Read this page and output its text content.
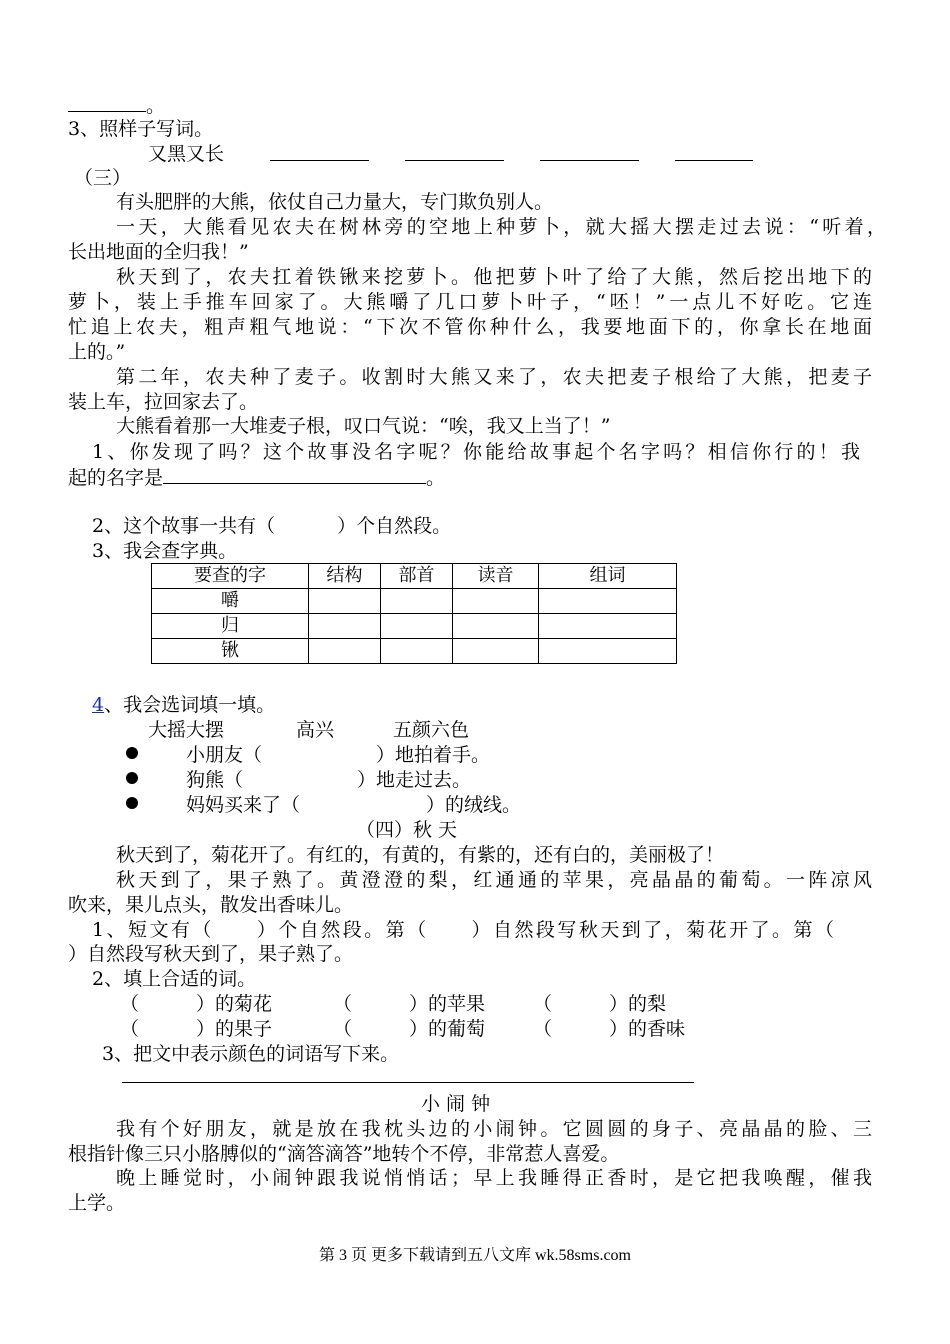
。
3、照样子写词。
又黑又长

（三）
有头肥胖的大熊，依仗自己力量大，专门欺负别人。
一天，大熊看见农夫在树林旁的空地上种萝卜，就大摇大摆走过去说：“听着，
长出地面的全归我！”
秋天到了，农夫扛着铁锹来挖萝卜。他把萝卜叶了给了大熊，然后挖出地下的
萝卜，装上手推车回家了。大熊嚼了几口萝卜叶子，“呸！”一点儿不好吃。它连
忙追上农夫，粗声粗气地说：“下次不管你种什么，我要地面下的，你拿长在地面
上的。”
第二年，农夫种了麦子。收割时大熊又来了，农夫把麦子根给了大熊，把麦子
装上车，拉回家去了。
大熊看着那一大堆麦子根，叹口气说：“唉，我又上当了！”
1、你发现了吗？这个故事没名字呢？你能给故事起个名字吗？相信你行的！我
起的名字是	。
2、这个故事一共有（	）个自然段。
3、我会查字典。
要查的字	结构	部首	读音	组词
嚼				
归				
锹				
4、我会选词填一填。
大摇大摆	高兴	五颜六色
小朋友（	）地拍着手。
狗熊（	）地走过去。
妈妈买来了（	）的绒线。
（四）秋 天
秋天到了，菊花开了。有红的，有黄的，有紫的，还有白的，美丽极了！
秋天到了，果子熟了。黄澄澄的梨，红通通的苹果，亮晶晶的葡萄。一阵凉风
吹来，果儿点头，散发出香味儿。
1、短文有（　　）个自然段。第（　　）自然段写秋天到了，菊花开了。第（
）自然段写秋天到了，果子熟了。
2、填上合适的词。
（　　　）的菊花	（　　　）的苹果	（　　　）的梨
（　　　）的果子	（　　　）的葡萄	（　　　）的香味
3、把文中表示颜色的词语写下来。
小 闹 钟
我有个好朋友，就是放在我枕头边的小闹钟。它圆圆的身子、亮晶晶的脸、三
根指针像三只小胳膊似的“滴答滴答”地转个不停，非常惹人喜爱。
晚上睡觉时，小闹钟跟我说悄悄话；早上我睡得正香时，是它把我唤醒，催我
上学。
第 3 页 更多下载请到五八文库 wk.58sms.com
